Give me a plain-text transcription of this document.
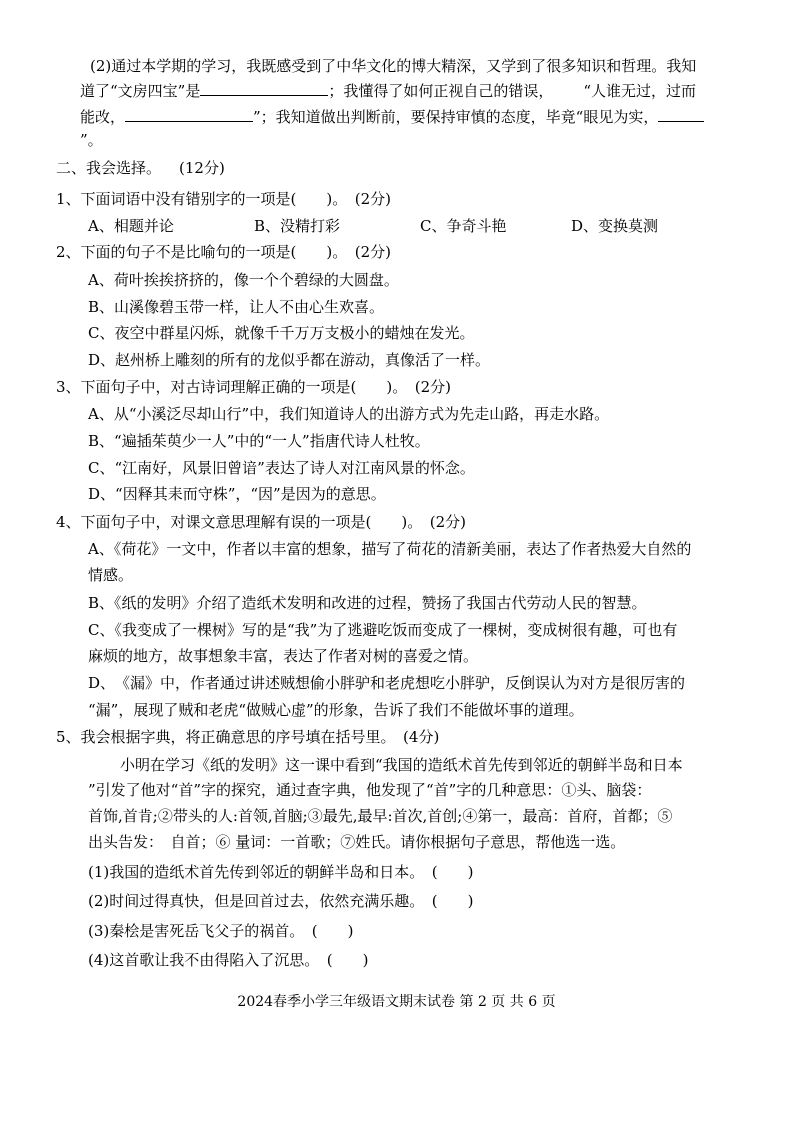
(2)通过本学期的学习，我既感受到了中华文化的博大精深，又学到了很多知识和哲理。我知
道了“文房四宝”是	；我懂得了如何正视自己的错误， “人谁无过，过而
能改，	”；我知道做出判断前，要保持审慎的态度，毕竟“眼见为实，
”。
二、我会选择。 (12分)
1、下面词语中没有错别字的一项是(　　)。　(2分)
A、相题并论	B、没精打彩	C、争奇斗艳	D、变换莫测
2、下面的句子不是比喻句的一项是(　　)。　(2分)
A、荷叶挨挨挤挤的，像一个个碧绿的大圆盘。
B、山溪像碧玉带一样，让人不由心生欢喜。
C、夜空中群星闪烁，就像千千万万支极小的蜡烛在发光。
D、赵州桥上雕刻的所有的龙似乎都在游动，真像活了一样。
3、下面句子中，对古诗词理解正确的一项是(　　)。　(2分)
A、从“小溪泛尽却山行”中，我们知道诗人的出游方式为先走山路，再走水路。
B、“遍插茱萸少一人”中的“一人”指唐代诗人杜牧。
C、“江南好，风景旧曾谙”表达了诗人对江南风景的怀念。
D、“因释其耒而守株”，“因”是因为的意思。
4、下面句子中，对课文意思理解有误的一项是(　　)。　(2分)
A、《荷花》一文中，作者以丰富的想象，描写了荷花的清新美丽，表达了作者热爱大自然的
情感。
B、《纸的发明》介绍了造纸术发明和改进的过程，赞扬了我国古代劳动人民的智慧。
C、《我变成了一棵树》写的是“我”为了逃避吃饭而变成了一棵树，变成树很有趣，可也有
麻烦的地方，故事想象丰富，表达了作者对树的喜爱之情。
D、　《漏》中，作者通过讲述贼想偷小胖驴和老虎想吃小胖驴，反倒误认为对方是很厉害的
“漏”，展现了贼和老虎“做贼心虚”的形象，告诉了我们不能做坏事的道理。
5、我会根据字典，将正确意思的序号填在括号里。　(4分)
小明在学习《纸的发明》这一课中看到“我国的造纸术首先传到邻近的朝鲜半岛和日本
”引发了他对“首”字的探究，通过查字典，他发现了“首”字的几种意思：①头、脑袋：
首饰,首肯;②带头的人:首领,首脑;③最先,最早:首次,首创;④第一，最高：首府，首都；⑤
出头告发：　自首；⑥ 量词：一首歌；⑦姓氏。请你根据句子意思，帮他选一选。
(1)我国的造纸术首先传到邻近的朝鲜半岛和日本。　(　　)
(2)时间过得真快，但是回首过去，依然充满乐趣。　(　　)
(3)秦桧是害死岳飞父子的祸首。　(　　)
(4)这首歌让我不由得陷入了沉思。　(　　)
2024春季小学三年级语文期末试卷 第 2 页 共 6 页
